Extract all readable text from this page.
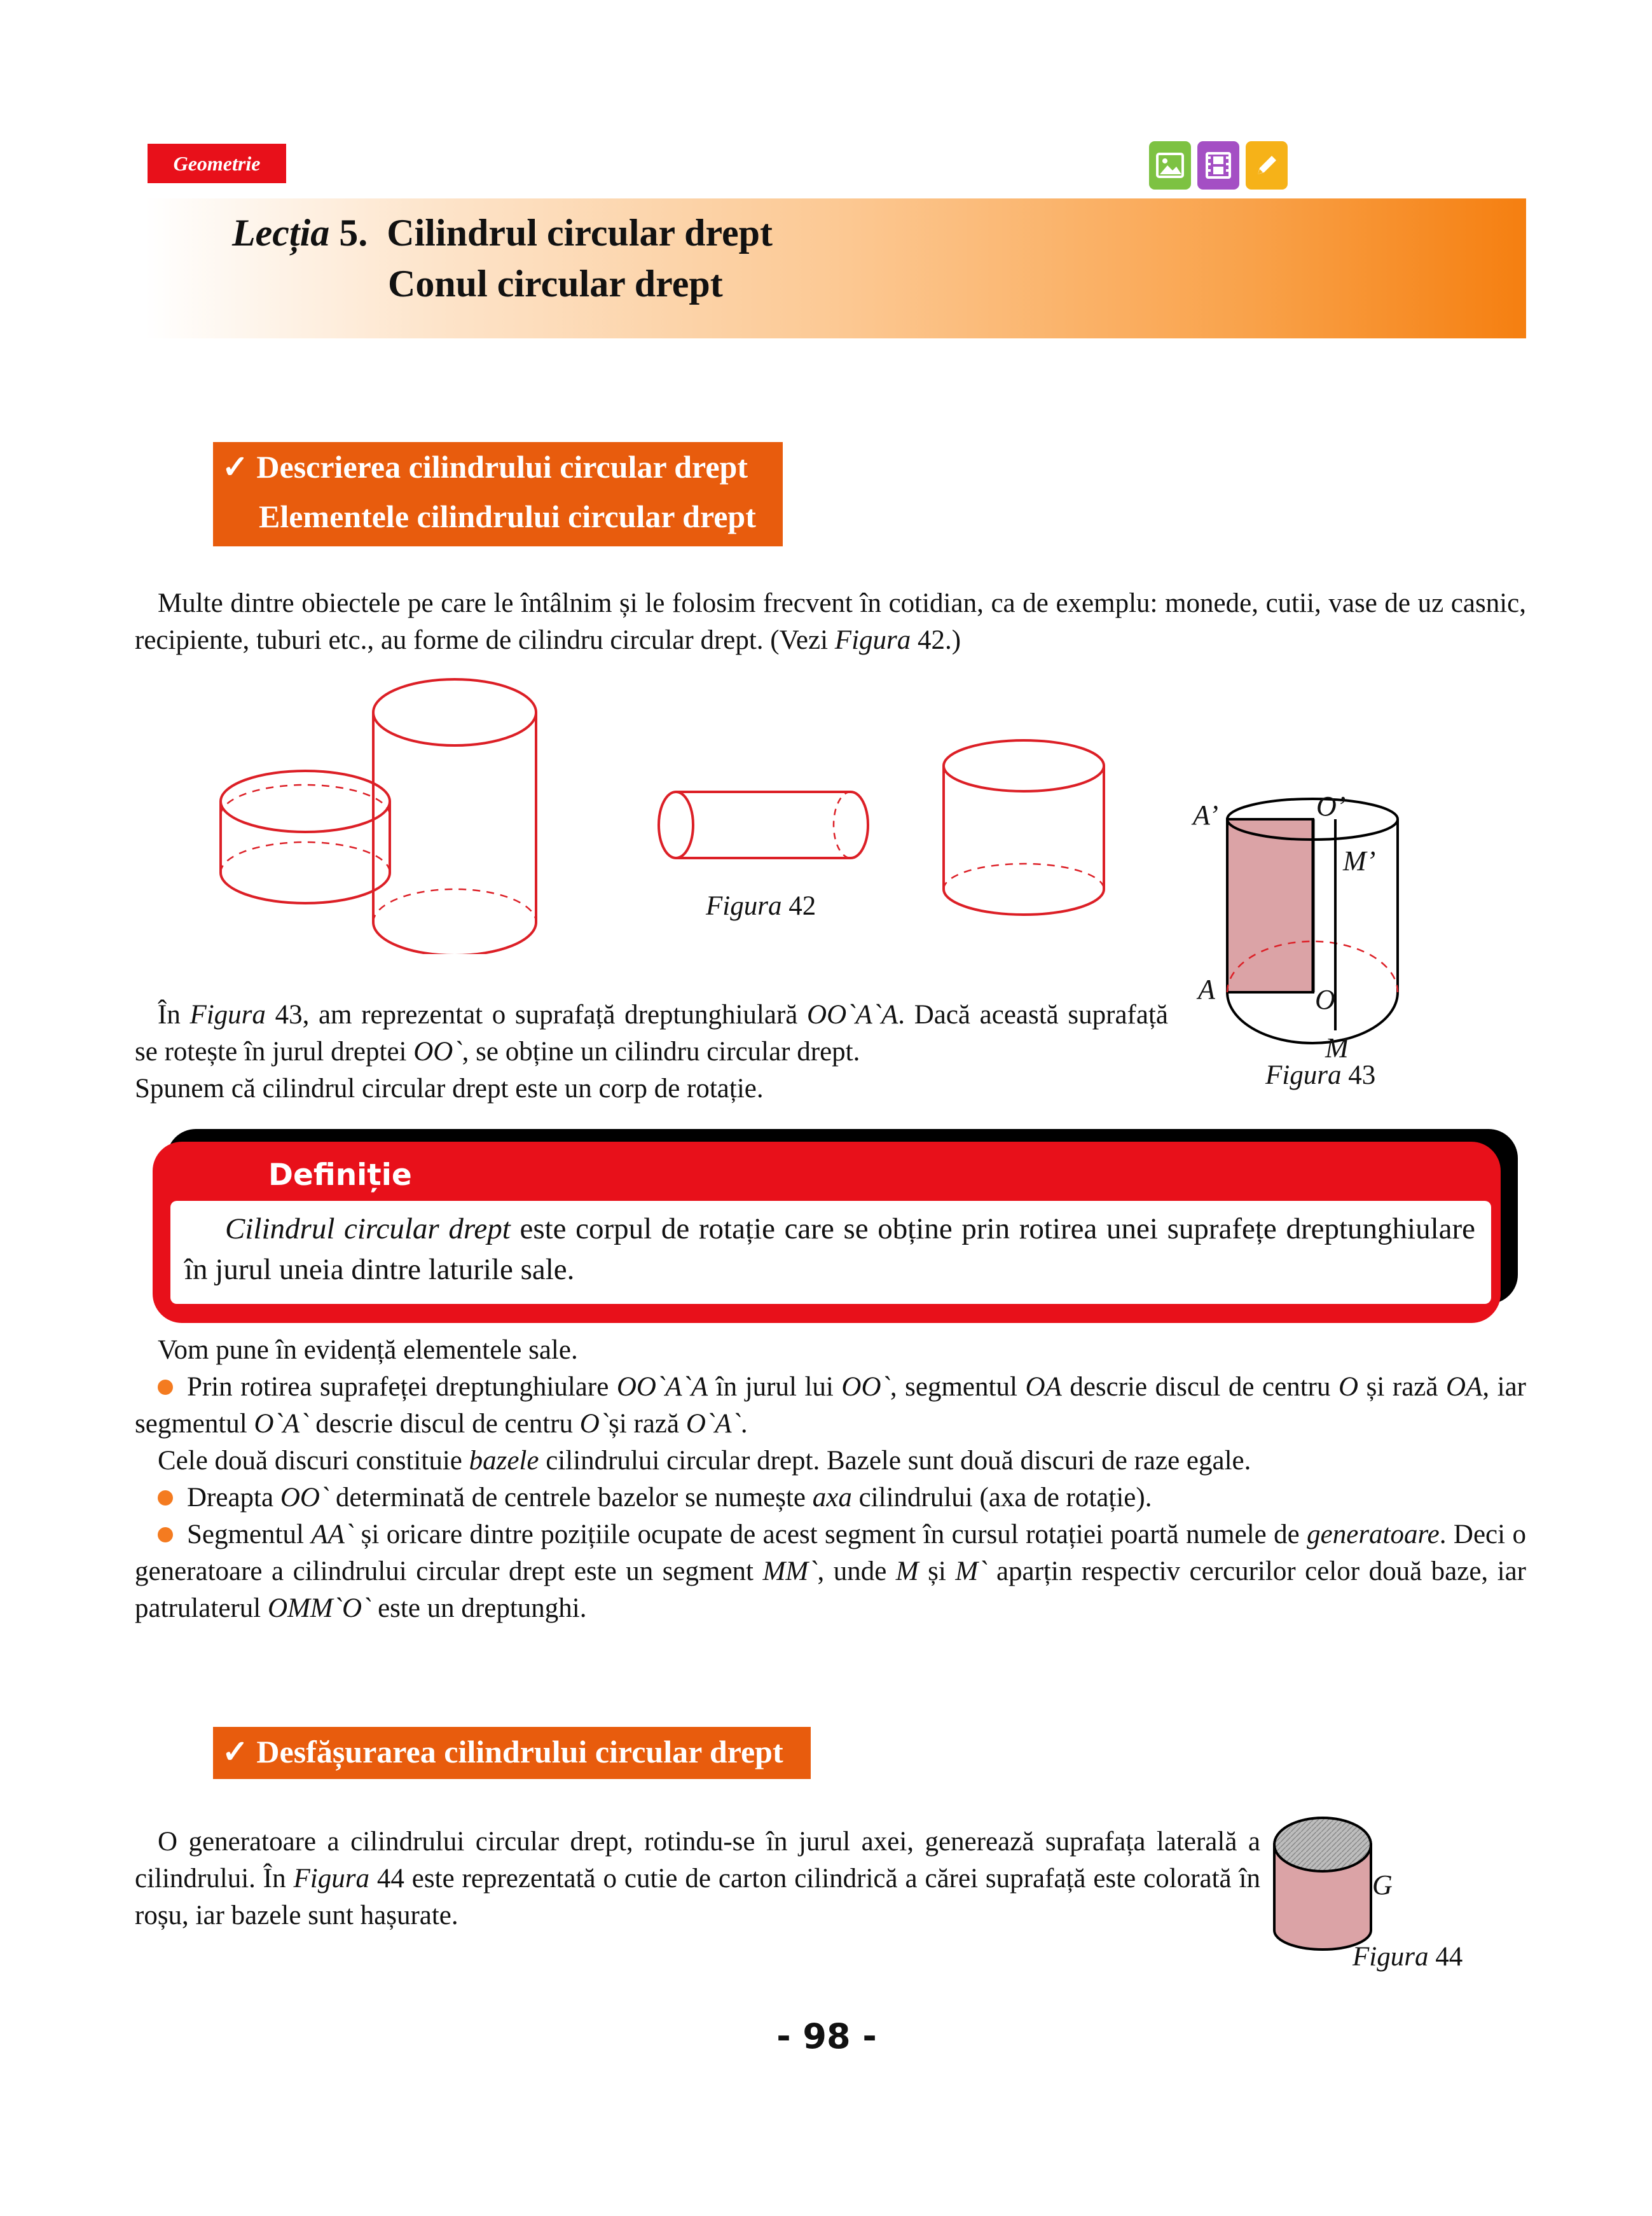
Geometrie
Lecția 5. Cilindrul circular drept
Conul circular drept
✓ Descrierea cilindrului circular drept
Elementele cilindrului circular drept

Multe dintre obiectele pe care le întâlnim și le folosim frecvent în cotidian, ca de exemplu: monede, cutii, vase de uz casnic, recipiente, tuburi etc., au forme de cilindru circular drept. (Vezi Figura 42.)

Figura 42
A’	O’
M’
A	O
M
Figura 43

În Figura 43, am reprezentat o suprafață dreptunghiulară OO`A`A. Dacă această suprafață se rotește în jurul dreptei OO`, se obține un cilindru circular drept.

Spunem că cilindrul circular drept este un corp de rotație.

Definiție

Cilindrul circular drept este corpul de rotație care se obține prin rotirea unei suprafețe dreptunghiulare în jurul uneia dintre laturile sale.

Vom pune în evidență elementele sale.

Prin rotirea suprafeței dreptunghiulare OO`A`A în jurul lui OO`, segmentul OA descrie discul de centru O și rază OA, iar segmentul O`A` descrie discul de centru O`și rază O`A`.

Cele două discuri constituie bazele cilindrului circular drept. Bazele sunt două discuri de raze egale.

Dreapta OO` determinată de centrele bazelor se numește axa cilindrului (axa de rotație).

Segmentul AA` și oricare dintre pozițiile ocupate de acest segment în cursul rotației poartă numele de generatoare. Deci o generatoare a cilindrului circular drept este un segment MM`, unde M și M` aparțin respectiv cercurilor celor două baze, iar patrulaterul OMM`O` este un dreptunghi.

✓ Desfășurarea cilindrului circular drept

O generatoare a cilindrului circular drept, rotindu-se în jurul axei, generează suprafața laterală a cilindrului. În Figura 44 este reprezentată o cutie de carton cilindrică a cărei suprafață este colorată în roșu, iar bazele sunt hașurate.

G
Figura 44
- 98 -
